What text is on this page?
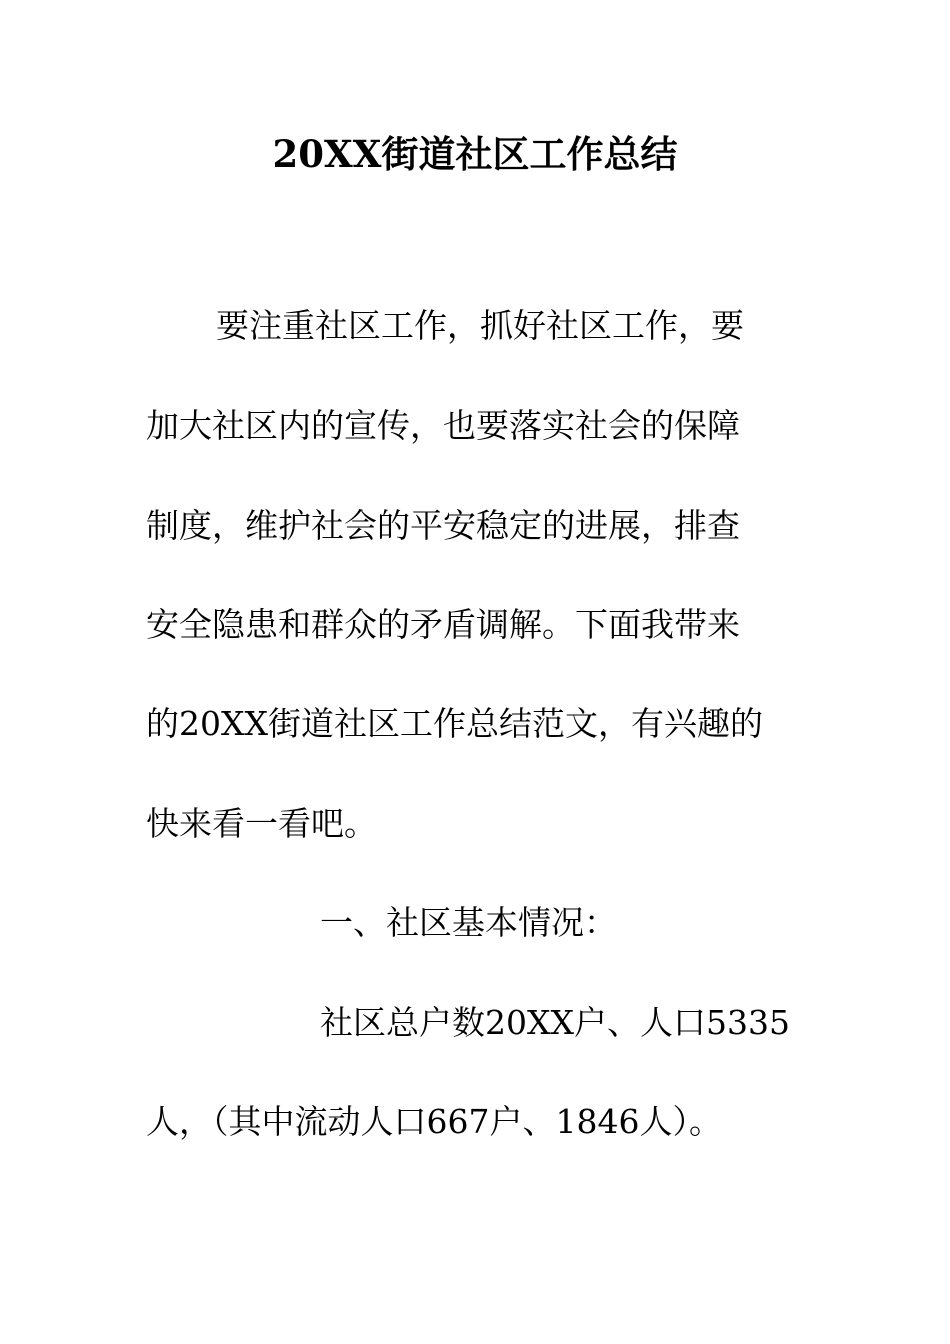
20XX街道社区工作总结
要注重社区工作，抓好社区工作，要
加大社区内的宣传，也要落实社会的保障
制度，维护社会的平安稳定的进展，排查
安全隐患和群众的矛盾调解。下面我带来
的20XX街道社区工作总结范文，有兴趣的
快来看一看吧。
一、社区基本情况：
社区总户数20XX户、人口5335
人，（其中流动人口667户、1846人）。
